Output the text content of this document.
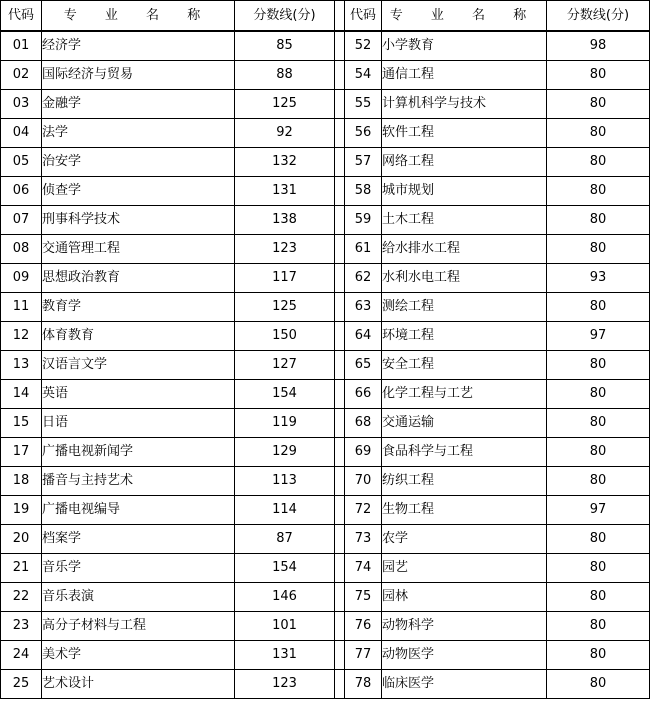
代码	专 业 名 称	分数线(分)		代码	专 业 名 称	分数线(分)
01	经济学	85		52	小学教育	98
02	国际经济与贸易	88		54	通信工程	80
03	金融学	125		55	计算机科学与技术	80
04	法学	92		56	软件工程	80
05	治安学	132		57	网络工程	80
06	侦查学	131		58	城市规划	80
07	刑事科学技术	138		59	土木工程	80
08	交通管理工程	123		61	给水排水工程	80
09	思想政治教育	117		62	水利水电工程	93
11	教育学	125		63	测绘工程	80
12	体育教育	150		64	环境工程	97
13	汉语言文学	127		65	安全工程	80
14	英语	154		66	化学工程与工艺	80
15	日语	119		68	交通运输	80
17	广播电视新闻学	129		69	食品科学与工程	80
18	播音与主持艺术	113		70	纺织工程	80
19	广播电视编导	114		72	生物工程	97
20	档案学	87		73	农学	80
21	音乐学	154		74	园艺	80
22	音乐表演	146		75	园林	80
23	高分子材料与工程	101		76	动物科学	80
24	美术学	131		77	动物医学	80
25	艺术设计	123		78	临床医学	80
